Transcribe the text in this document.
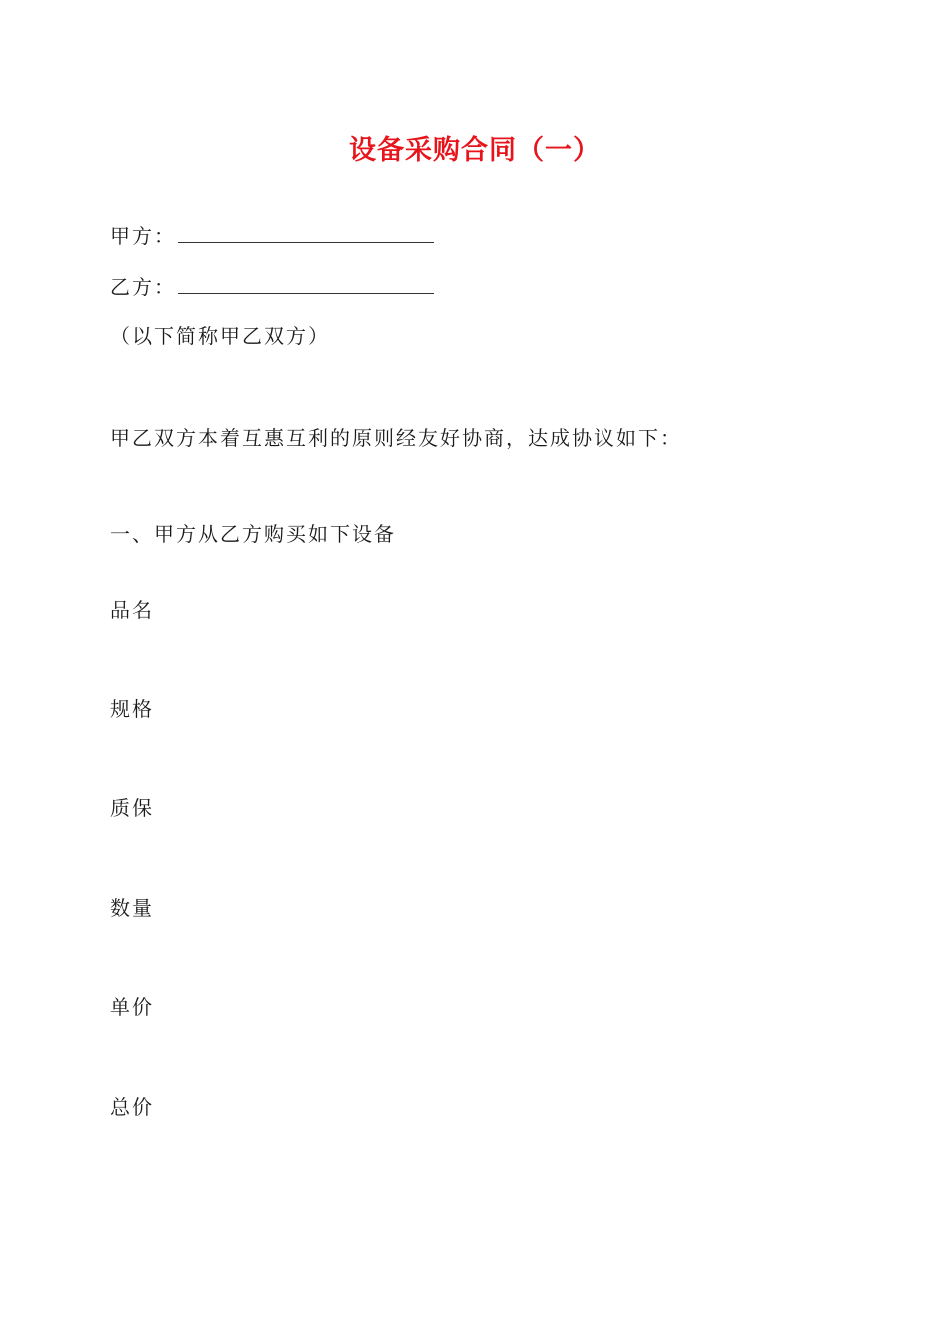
设备采购合同（一）
甲方：
乙方：

（以下简称甲乙双方）

甲乙双方本着互惠互利的原则经友好协商，达成协议如下：

一、甲方从乙方购买如下设备

品名

规格

质保

数量

单价

总价
